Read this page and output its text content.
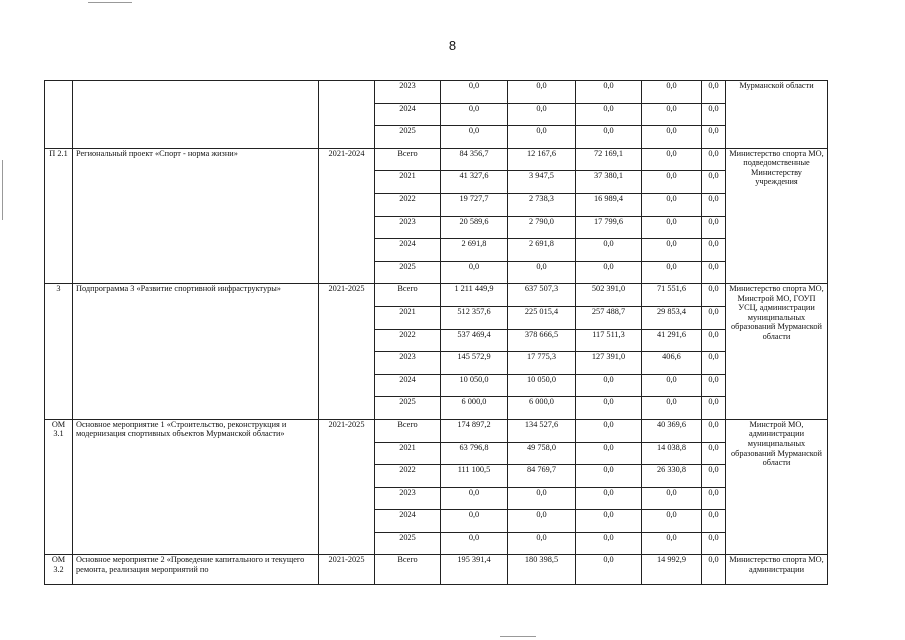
8
			2023	0,0	0,0	0,0	0,0	0,0	Мурманской области
			2024	0,0	0,0	0,0	0,0	0,0	
			2025	0,0	0,0	0,0	0,0	0,0	
П 2.1	Региональный проект «Спорт - норма жизни»	2021-2024	Всего	84 356,7	12 167,6	72 169,1	0,0	0,0	Министерство спорта МО, подведомственные Министерству учреждения
			2021	41 327,6	3 947,5	37 380,1	0,0	0,0	
			2022	19 727,7	2 738,3	16 989,4	0,0	0,0	
			2023	20 589,6	2 790,0	17 799,6	0,0	0,0	
			2024	2 691,8	2 691,8	0,0	0,0	0,0	
			2025	0,0	0,0	0,0	0,0	0,0	
3	Подпрограмма 3 «Развитие спортивной инфраструктуры»	2021-2025	Всего	1 211 449,9	637 507,3	502 391,0	71 551,6	0,0	Министерство спорта МО, Минстрой МО, ГОУП УСЦ, администрации муниципальных образований Мурманской области
			2021	512 357,6	225 015,4	257 488,7	29 853,4	0,0	
			2022	537 469,4	378 666,5	117 511,3	41 291,6	0,0	
			2023	145 572,9	17 775,3	127 391,0	406,6	0,0	
			2024	10 050,0	10 050,0	0,0	0,0	0,0	
			2025	6 000,0	6 000,0	0,0	0,0	0,0	
ОМ 3.1	Основное мероприятие 1 «Строительство, реконструкция и модернизация спортивных объектов Мурманской области»	2021-2025	Всего	174 897,2	134 527,6	0,0	40 369,6	0,0	Минстрой МО, администрации муниципальных образований Мурманской области
			2021	63 796,8	49 758,0	0,0	14 038,8	0,0	
			2022	111 100,5	84 769,7	0,0	26 330,8	0,0	
			2023	0,0	0,0	0,0	0,0	0,0	
			2024	0,0	0,0	0,0	0,0	0,0	
			2025	0,0	0,0	0,0	0,0	0,0	
ОМ 3.2	Основное мероприятие 2 «Проведение капитального и текущего ремонта, реализация мероприятий по	2021-2025	Всего	195 391,4	180 398,5	0,0	14 992,9	0,0	Министерство спорта МО, администрации
